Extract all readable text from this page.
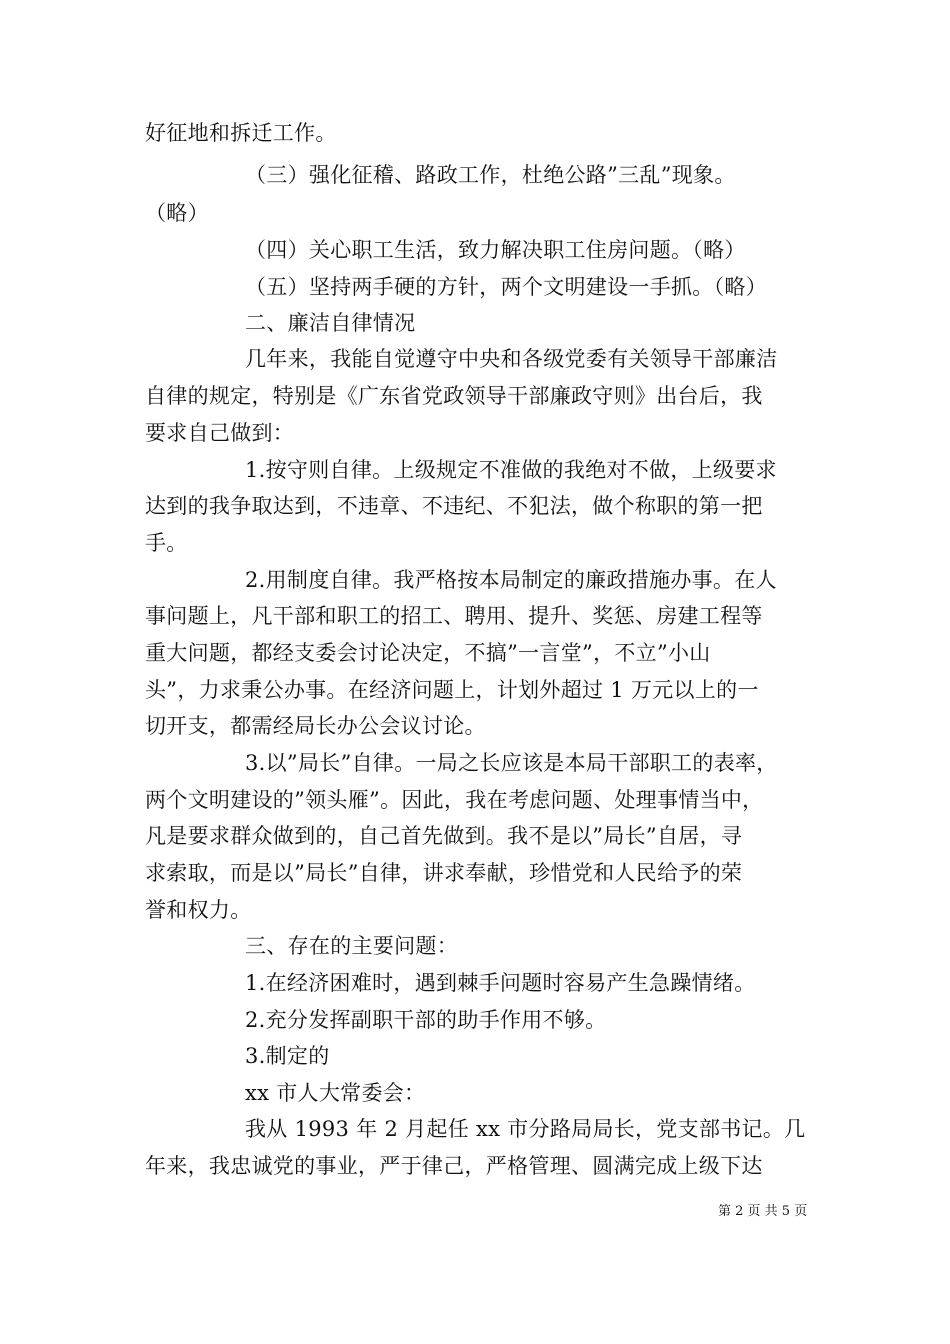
好征地和拆迁工作。
（三）强化征稽、路政工作，杜绝公路”三乱”现象。
（略）
（四）关心职工生活，致力解决职工住房问题。（略）
（五）坚持两手硬的方针，两个文明建设一手抓。（略）
二、廉洁自律情况
几年来，我能自觉遵守中央和各级党委有关领导干部廉洁
自律的规定，特别是《广东省党政领导干部廉政守则》出台后，我
要求自己做到：
1.按守则自律。上级规定不准做的我绝对不做，上级要求
达到的我争取达到，不违章、不违纪、不犯法，做个称职的第一把
手。
2.用制度自律。我严格按本局制定的廉政措施办事。在人
事问题上，凡干部和职工的招工、聘用、提升、奖惩、房建工程等
重大问题，都经支委会讨论决定，不搞”一言堂”，不立”小山
头”，力求秉公办事。在经济问题上，计划外超过 1 万元以上的一
切开支，都需经局长办公会议讨论。
3.以”局长”自律。一局之长应该是本局干部职工的表率，
两个文明建设的”领头雁”。因此，我在考虑问题、处理事情当中，
凡是要求群众做到的，自己首先做到。我不是以”局长”自居，寻
求索取，而是以”局长”自律，讲求奉献，珍惜党和人民给予的荣
誉和权力。
三、存在的主要问题：
1.在经济困难时，遇到棘手问题时容易产生急躁情绪。
2.充分发挥副职干部的助手作用不够。
3.制定的
xx 市人大常委会：
我从 1993 年 2 月起任 xx 市分路局局长，党支部书记。几
年来，我忠诚党的事业，严于律己，严格管理、圆满完成上级下达
第 2 页 共 5 页
